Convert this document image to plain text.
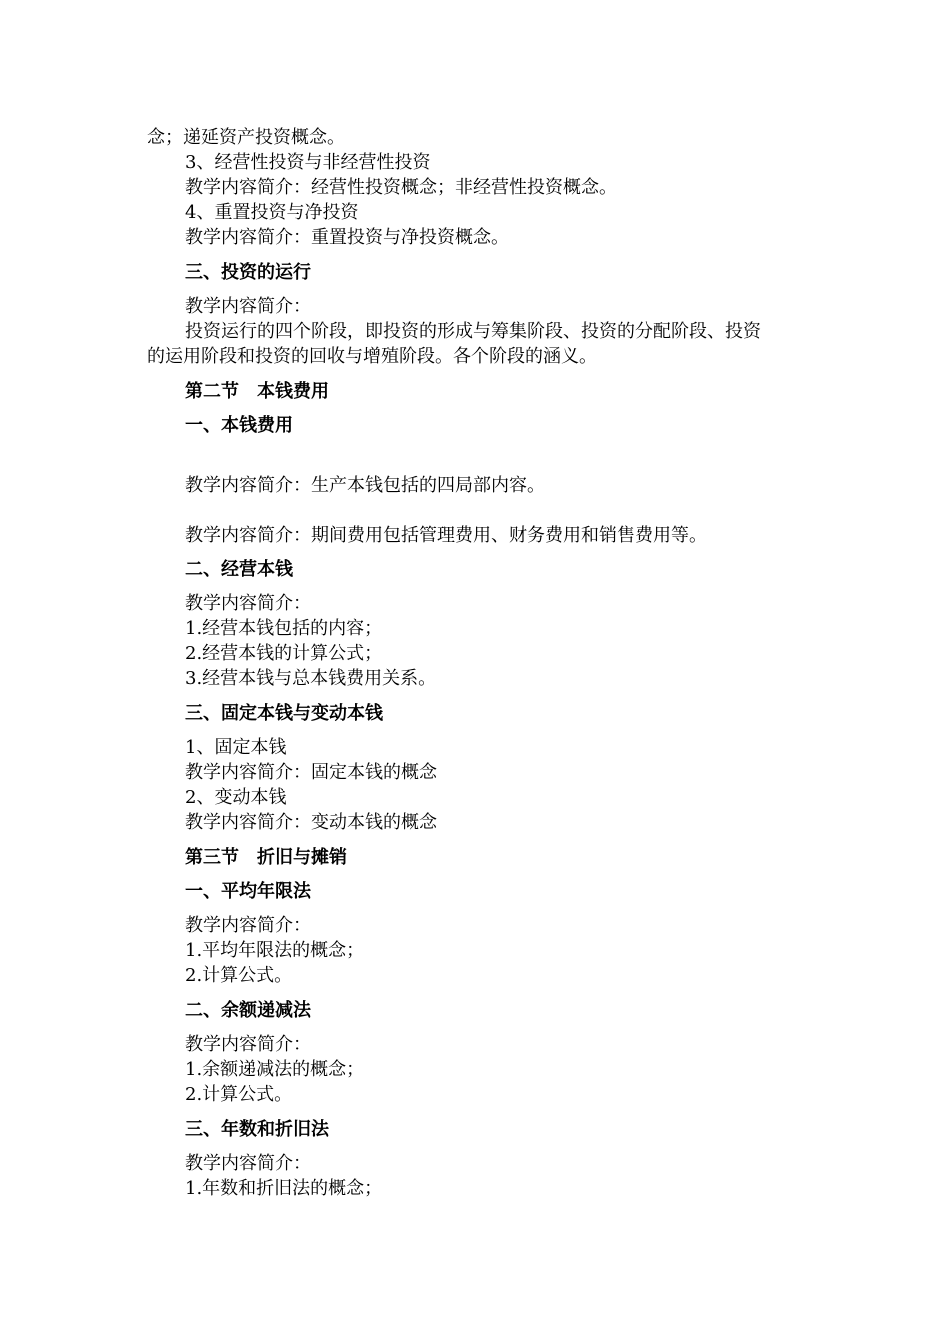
念；递延资产投资概念。
3、经营性投资与非经营性投资
教学内容简介：经营性投资概念；非经营性投资概念。
4、重置投资与净投资
教学内容简介：重置投资与净投资概念。
三、投资的运行
教学内容简介：
投资运行的四个阶段，即投资的形成与筹集阶段、投资的分配阶段、投资
的运用阶段和投资的回收与增殖阶段。各个阶段的涵义。
第二节　本钱费用
一、本钱费用
教学内容简介：生产本钱包括的四局部内容。
教学内容简介：期间费用包括管理费用、财务费用和销售费用等。
二、经营本钱
教学内容简介：
1.经营本钱包括的内容；
2.经营本钱的计算公式；
3.经营本钱与总本钱费用关系。
三、固定本钱与变动本钱
1、固定本钱
教学内容简介：固定本钱的概念
2、变动本钱
教学内容简介：变动本钱的概念
第三节　折旧与摊销
一、平均年限法
教学内容简介：
1.平均年限法的概念；
2.计算公式。
二、余额递减法
教学内容简介：
1.余额递减法的概念；
2.计算公式。
三、年数和折旧法
教学内容简介：
1.年数和折旧法的概念；
